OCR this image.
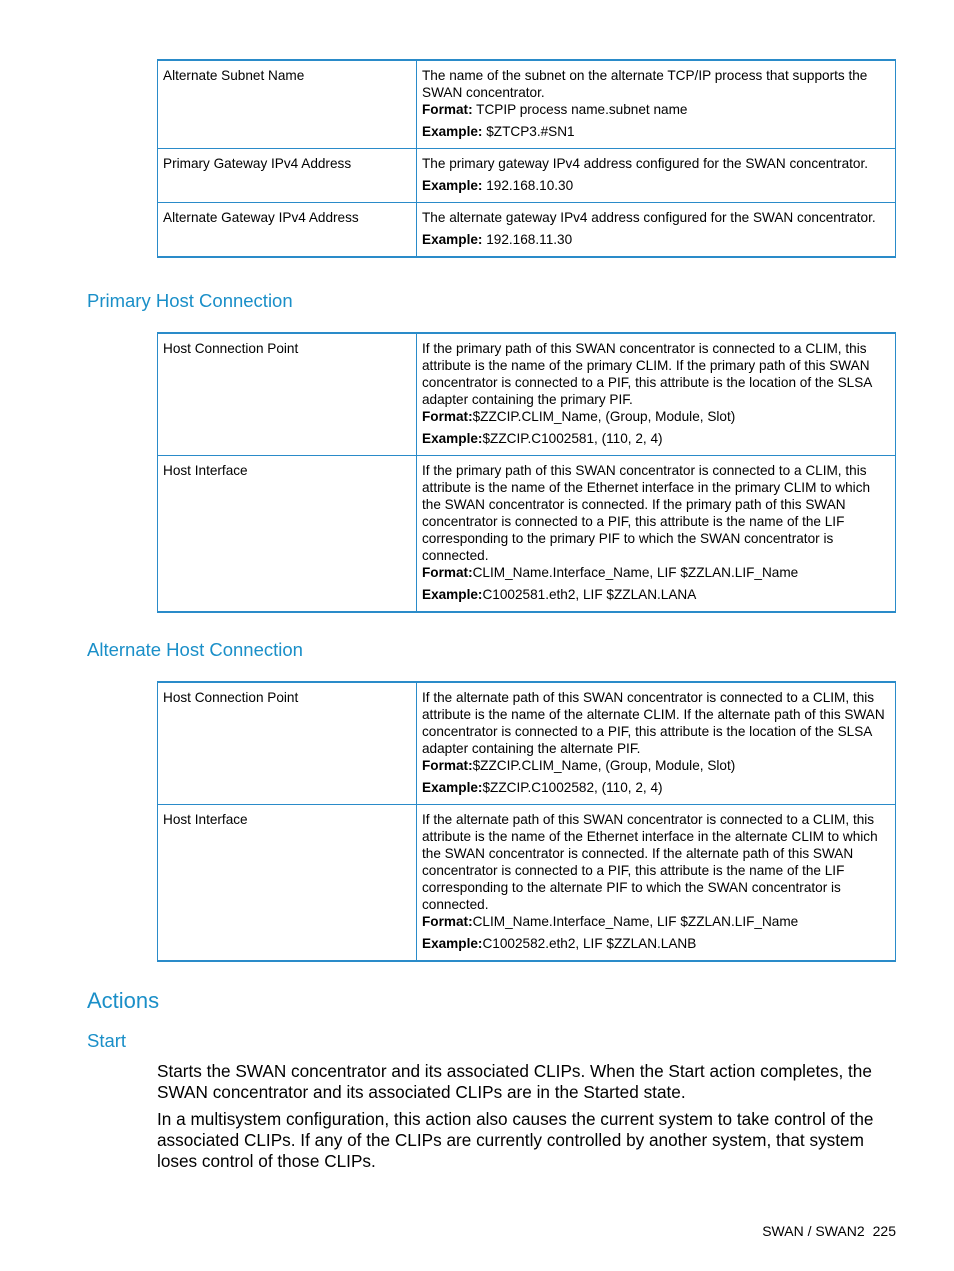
Alternate Subnet Name	The name of the subnet on the alternate TCP/IP process that supports the SWAN concentrator.
Format: TCPIP process name.subnet name
Example: $ZTCP3.#SN1

Primary Gateway IPv4 Address	The primary gateway IPv4 address configured for the SWAN concentrator.
Example: 192.168.10.30

Alternate Gateway IPv4 Address	The alternate gateway IPv4 address configured for the SWAN concentrator.
Example: 192.168.11.30
Primary Host Connection
Host Connection Point	If the primary path of this SWAN concentrator is connected to a CLIM, this attribute is the name of the primary CLIM. If the primary path of this SWAN concentrator is connected to a PIF, this attribute is the location of the SLSA adapter containing the primary PIF.
Format:$ZZCIP.CLIM_Name, (Group, Module, Slot)
Example:$ZZCIP.C1002581, (110, 2, 4)

Host Interface	If the primary path of this SWAN concentrator is connected to a CLIM, this attribute is the name of the Ethernet interface in the primary CLIM to which the SWAN concentrator is connected. If the primary path of this SWAN concentrator is connected to a PIF, this attribute is the name of the LIF corresponding to the primary PIF to which the SWAN concentrator is connected.
Format:CLIM_Name.Interface_Name, LIF $ZZLAN.LIF_Name
Example:C1002581.eth2, LIF $ZZLAN.LANA
Alternate Host Connection
Host Connection Point	If the alternate path of this SWAN concentrator is connected to a CLIM, this attribute is the name of the alternate CLIM. If the alternate path of this SWAN concentrator is connected to a PIF, this attribute is the location of the SLSA adapter containing the alternate PIF.
Format:$ZZCIP.CLIM_Name, (Group, Module, Slot)
Example:$ZZCIP.C1002582, (110, 2, 4)

Host Interface	If the alternate path of this SWAN concentrator is connected to a CLIM, this attribute is the name of the Ethernet interface in the alternate CLIM to which the SWAN concentrator is connected. If the alternate path of this SWAN concentrator is connected to a PIF, this attribute is the name of the LIF corresponding to the alternate PIF to which the SWAN concentrator is connected.
Format:CLIM_Name.Interface_Name, LIF $ZZLAN.LIF_Name
Example:C1002582.eth2, LIF $ZZLAN.LANB
Actions
Start

Starts the SWAN concentrator and its associated CLIPs. When the Start action completes, the SWAN concentrator and its associated CLIPs are in the Started state.

In a multisystem configuration, this action also causes the current system to take control of the associated CLIPs. If any of the CLIPs are currently controlled by another system, that system loses control of those CLIPs.

SWAN / SWAN2 225
